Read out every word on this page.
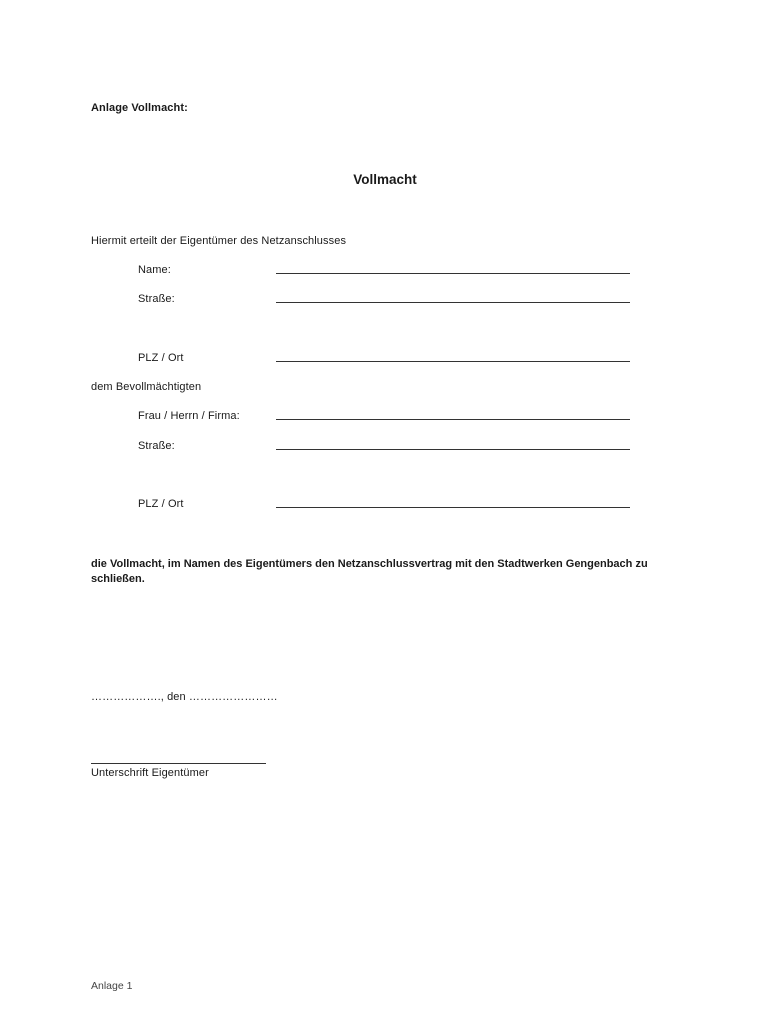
Anlage Vollmacht:
Vollmacht
Hiermit erteilt der Eigentümer des Netzanschlusses
Name:
Straße:
PLZ / Ort
dem Bevollmächtigten
Frau / Herrn / Firma:
Straße:
PLZ / Ort
die Vollmacht, im Namen des Eigentümers den Netzanschlussvertrag mit den Stadtwerken Gengenbach zu schließen.
………………., den ……………………
Unterschrift Eigentümer
Anlage 1
